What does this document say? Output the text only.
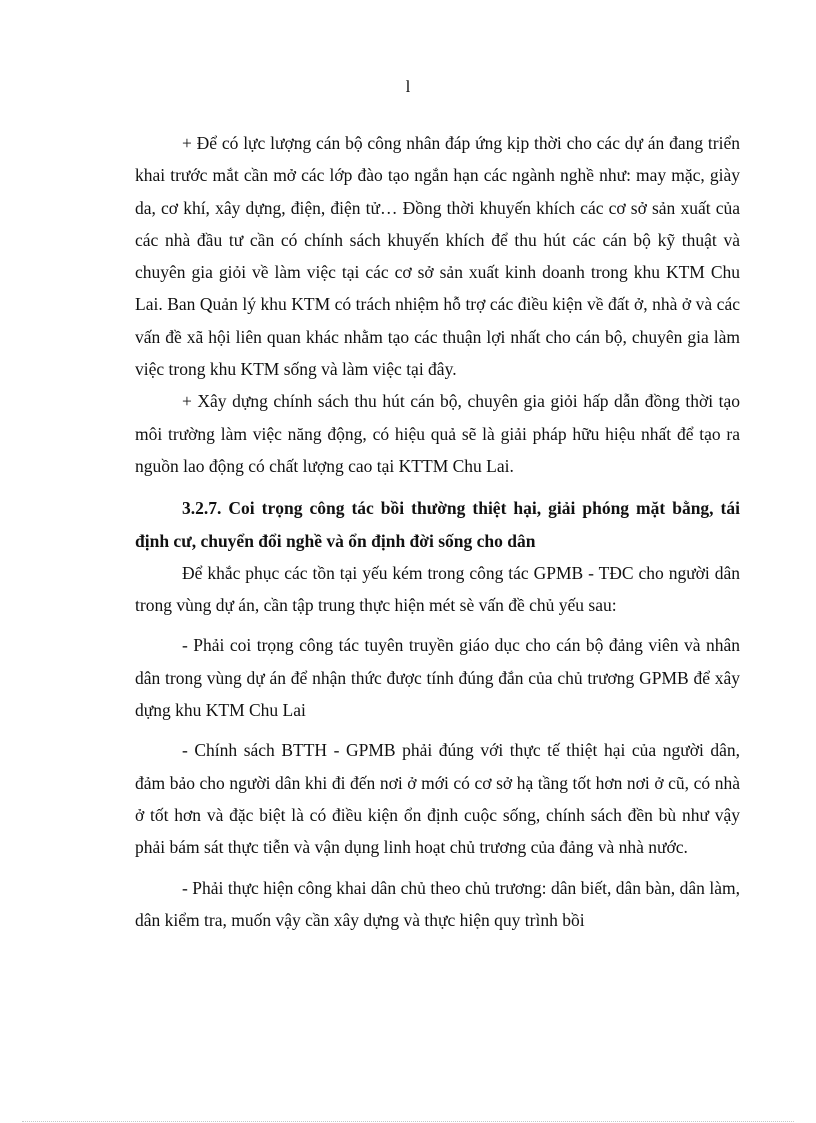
l

+ Để có lực lượng cán bộ công nhân đáp ứng kịp thời cho các dự án đang triển khai trước mắt cần mở các lớp đào tạo ngắn hạn các ngành nghề như: may mặc, giày da, cơ khí, xây dựng, điện, điện tử… Đồng thời khuyến khích các cơ sở sản xuất của các nhà đầu tư cần có chính sách khuyến khích để thu hút các cán bộ kỹ thuật và chuyên gia giỏi về làm việc tại các cơ sở sản xuất kinh doanh trong khu KTM Chu Lai. Ban Quản lý khu KTM có trách nhiệm hỗ trợ các điều kiện về đất ở, nhà ở và các vấn đề xã hội liên quan khác nhằm tạo các thuận lợi nhất cho cán bộ, chuyên gia làm việc trong khu KTM sống và làm việc tại đây.

+ Xây dựng chính sách thu hút cán bộ, chuyên gia giỏi hấp dẫn đồng thời tạo môi trường làm việc năng động, có hiệu quả sẽ là giải pháp hữu hiệu nhất để tạo ra nguồn lao động có chất lượng cao tại KTTM Chu Lai.

3.2.7. Coi trọng công tác bồi thường thiệt hại, giải phóng mặt bằng, tái định cư, chuyển đổi nghề và ổn định đời sống cho dân

Để khắc phục các tồn tại yếu kém trong công tác GPMB - TĐC cho người dân trong vùng dự án, cần tập trung thực hiện mét sè vấn đề chủ yếu sau:

- Phải coi trọng công tác tuyên truyền giáo dục cho cán bộ đảng viên và nhân dân trong vùng dự án để nhận thức được tính đúng đắn của chủ trương GPMB để xây dựng khu KTM Chu Lai

- Chính sách BTTH - GPMB phải đúng với thực tế thiệt hại của người dân, đảm bảo cho người dân khi đi đến nơi ở mới có cơ sở hạ tầng tốt hơn nơi ở cũ, có nhà ở tốt hơn và đặc biệt là có điều kiện ổn định cuộc sống, chính sách đền bù như vậy phải bám sát thực tiễn và vận dụng linh hoạt chủ trương của đảng và nhà nước.

- Phải thực hiện công khai dân chủ theo chủ trương: dân biết, dân bàn, dân làm, dân kiểm tra, muốn vậy cần xây dựng và thực hiện quy trình bồi
